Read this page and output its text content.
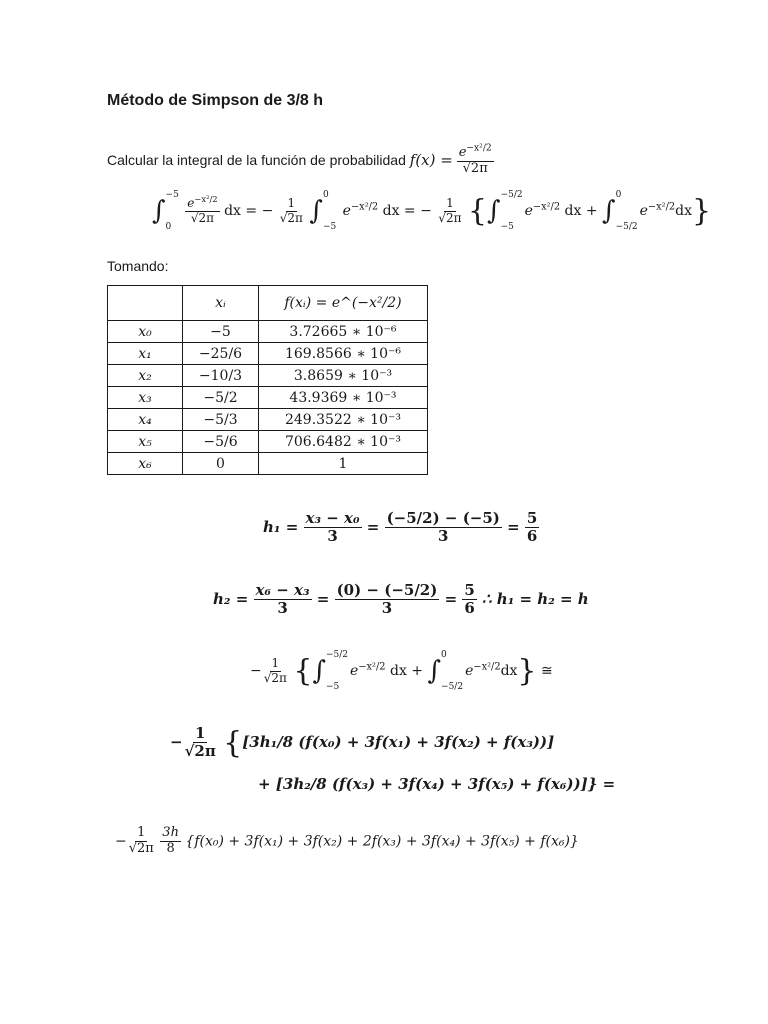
Método de Simpson de 3/8 h
Calcular la integral de la función de probabilidad $f(x) = \frac{e^{-x^2/2}}{√2\pi}$
∫
−5
0

$\frac{e^{-x^2/2}}{√2\pi}$ dx = − $\frac{1}{√2\pi}$ ∫
0
−5
$e^{-x^2/2}$ dx = − $\frac{1}{√2\pi}$ {∫
−5/2
−5
$e^{-x^2/2}$ dx + ∫
0
−5/2
$e^{-x^2/2}dx$}
Tomando:
	xᵢ	f(xᵢ) = e^(−x²/2)
x₀	−5	3.72665 ∗ 10⁻⁶
x₁	−25/6	169.8566 ∗ 10⁻⁶
x₂	−10/3	3.8659 ∗ 10⁻³
x₃	−5/2	43.9369 ∗ 10⁻³
x₄	−5/3	249.3522 ∗ 10⁻³
x₅	−5/6	706.6482 ∗ 10⁻³
x₆	0	1
$h_1 = \frac{\text{x₃ − x₀}}{3} = \frac{(-5/2) - (-5)}{3} = \frac{5}{6}$
$h_2 = \frac{\text{x₆ − x₃}}{3} = \frac{(0) - (-5/2)}{3} = \frac{5}{6}$ ∴ h₁ = h₂ = h
− $\frac{1}{√2\pi}$ {∫
−5/2
−5
$e^{-x^2/2}$ dx + ∫
0
−5/2
$e^{-x^2/2}dx$} ≅
− $\frac{1}{√2\pi} \{[3h_1/8$ (f(x₀) + 3f(x₁) + 3f(x₂) + f(x₃))]
+ [3h₂/8 (f(x₃) + 3f(x₄) + 3f(x₅) + f(x₆))]} =
− $\frac{1}{√2\pi}$
$\frac{3h}{8} \{f(x_0) + 3f(x_1) + 3f(x_2) + 2f(x_3) + 3f(x_4) + 3f(x_5) + f(x_6)\}$
